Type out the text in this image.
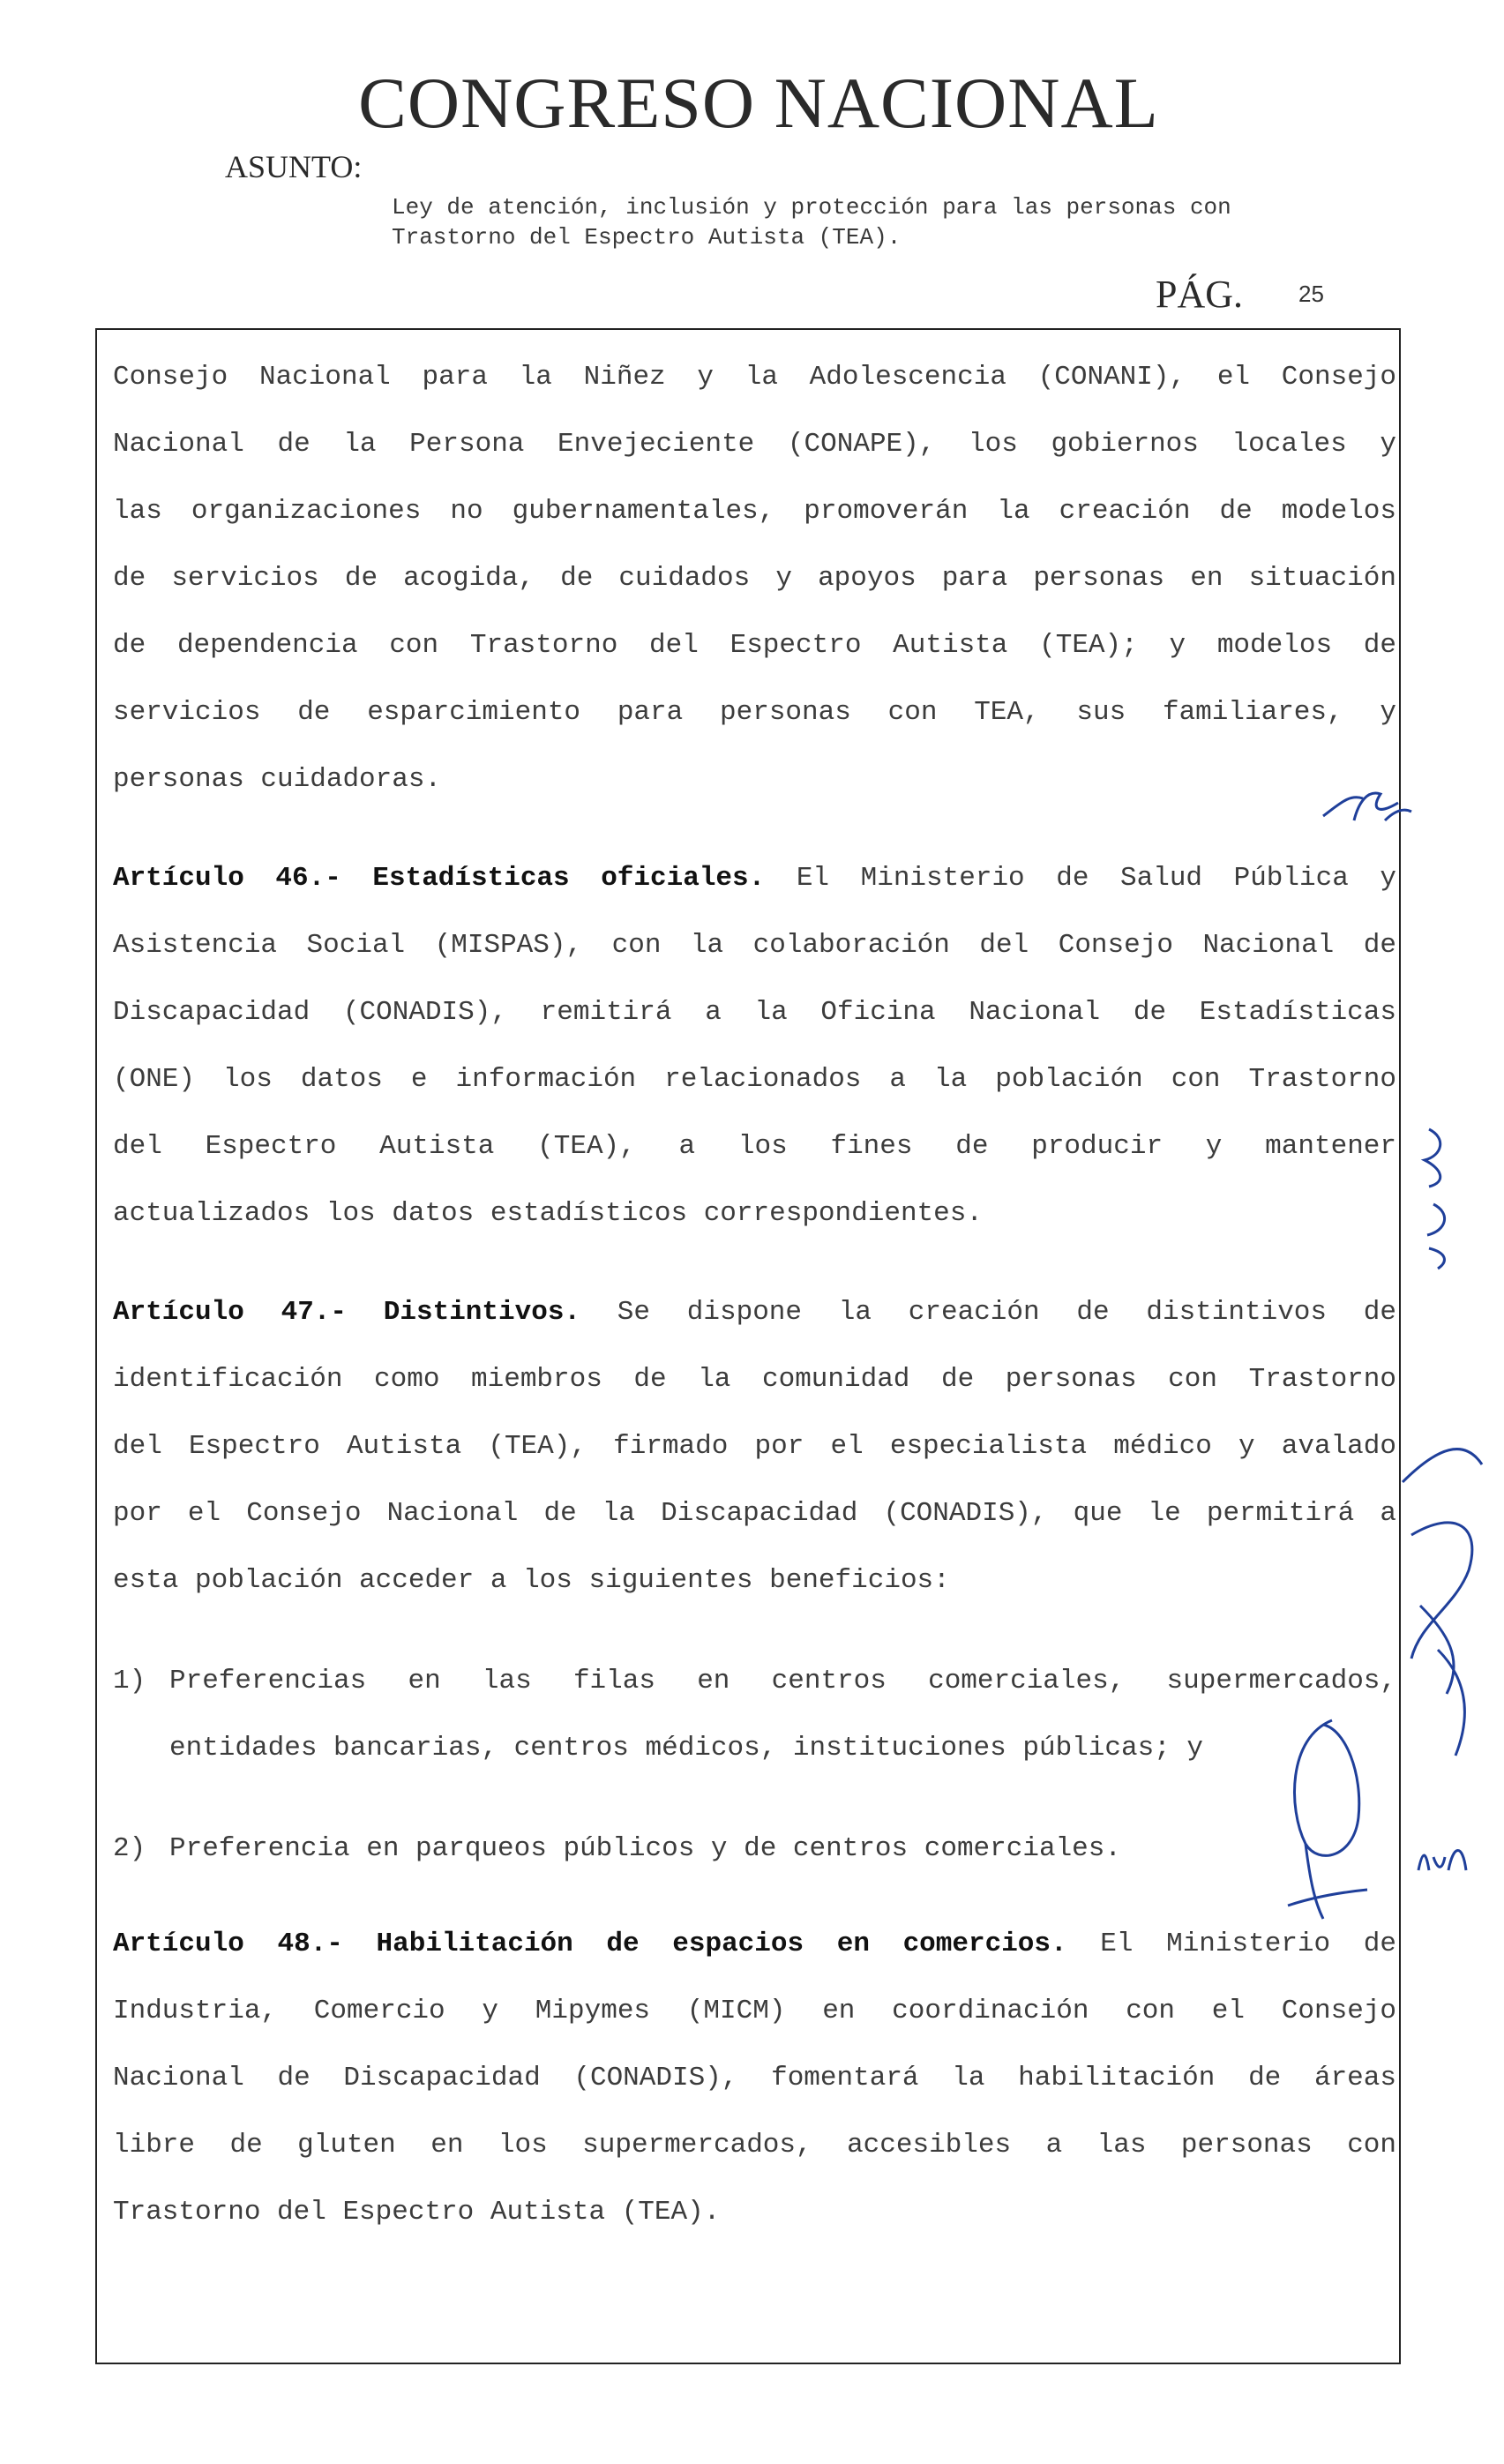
CONGRESO NACIONAL
ASUNTO:
Ley de atención, inclusión y protección para las personas con
Trastorno del Espectro Autista (TEA).
PÁG. 25
Consejo Nacional para la Niñez y la Adolescencia (CONANI), el Consejo
Nacional de la Persona Envejeciente (CONAPE), los gobiernos locales y
las organizaciones no gubernamentales, promoverán la creación de modelos
de servicios de acogida, de cuidados y apoyos para personas en situación
de dependencia con Trastorno del Espectro Autista (TEA); y modelos de
servicios de esparcimiento para personas con TEA, sus familiares, y
personas cuidadoras.
Artículo 46.- Estadísticas oficiales. El Ministerio de Salud Pública y
Asistencia Social (MISPAS), con la colaboración del Consejo Nacional de
Discapacidad (CONADIS), remitirá a la Oficina Nacional de Estadísticas
(ONE) los datos e información relacionados a la población con Trastorno
del Espectro Autista (TEA), a los fines de producir y mantener
actualizados los datos estadísticos correspondientes.
Artículo 47.- Distintivos. Se dispone la creación de distintivos de
identificación como miembros de la comunidad de personas con Trastorno
del Espectro Autista (TEA), firmado por el especialista médico y avalado
por el Consejo Nacional de la Discapacidad (CONADIS), que le permitirá a
esta población acceder a los siguientes beneficios:
1) Preferencias en las filas en centros comerciales, supermercados,
entidades bancarias, centros médicos, instituciones públicas; y
2) Preferencia en parqueos públicos y de centros comerciales.
Artículo 48.- Habilitación de espacios en comercios. El Ministerio de
Industria, Comercio y Mipymes (MICM) en coordinación con el Consejo
Nacional de Discapacidad (CONADIS), fomentará la habilitación de áreas
libre de gluten en los supermercados, accesibles a las personas con
Trastorno del Espectro Autista (TEA).
